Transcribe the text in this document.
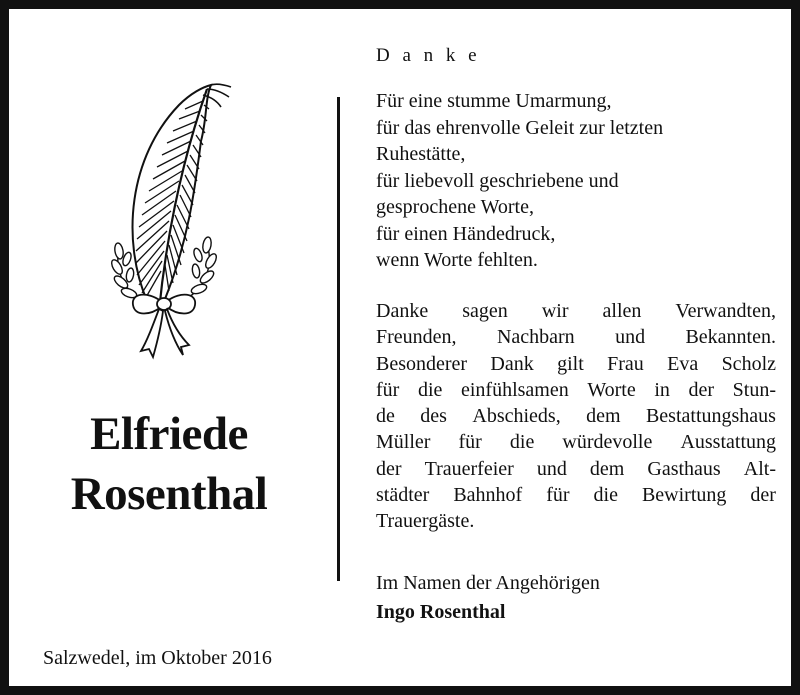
Elfriede
Rosenthal
Salzwedel, im Oktober 2016
D a n k e
Für eine stumme Umarmung,
für das ehrenvolle Geleit zur letzten
Ruhestätte,
für liebevoll geschriebene und
gesprochene Worte,
für einen Händedruck,
wenn Worte fehlten.
Danke sagen wir allen Verwandten,
Freunden, Nachbarn und Bekannten.
Besonderer Dank gilt Frau Eva Scholz
für die einfühlsamen Worte in der Stun-
de des Abschieds, dem Bestattungshaus
Müller für die würdevolle Ausstattung
der Trauerfeier und dem Gasthaus Alt-
städter Bahnhof für die Bewirtung der
Trauergäste.
Im Namen der Angehörigen
Ingo Rosenthal
